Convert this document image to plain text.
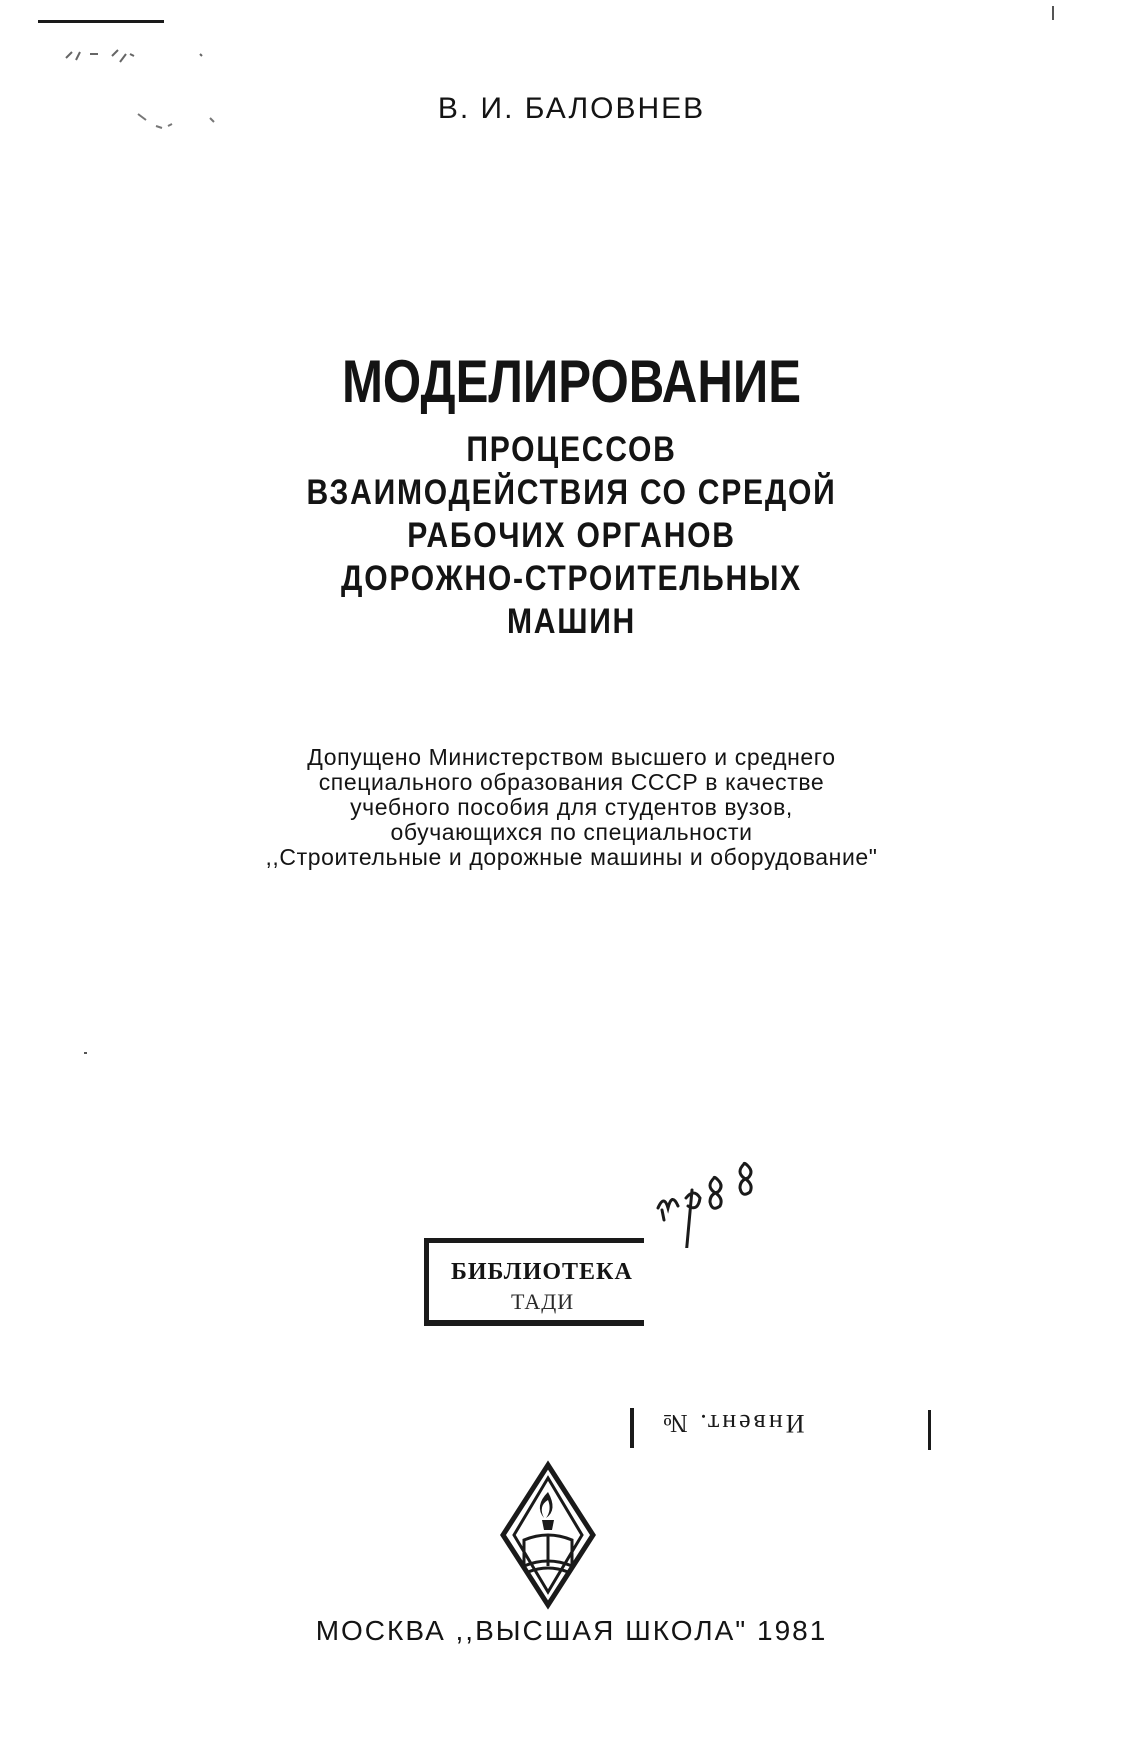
В. И. БАЛОВНЕВ
МОДЕЛИРОВАНИЕ
ПРОЦЕССОВ
ВЗАИМОДЕЙСТВИЯ СО СРЕДОЙ
РАБОЧИХ ОРГАНОВ
ДОРОЖНО-СТРОИТЕЛЬНЫХ
МАШИН
Допущено Министерством высшего и среднего
специального образования СССР в качестве
учебного пособия для студентов вузов,
обучающихся по специальности
,,Строительные и дорожные машины и оборудование"
БИБЛИОТЕКА
ТАДИ
Инвент. №
МОСКВА ,,ВЫСШАЯ ШКОЛА" 1981
